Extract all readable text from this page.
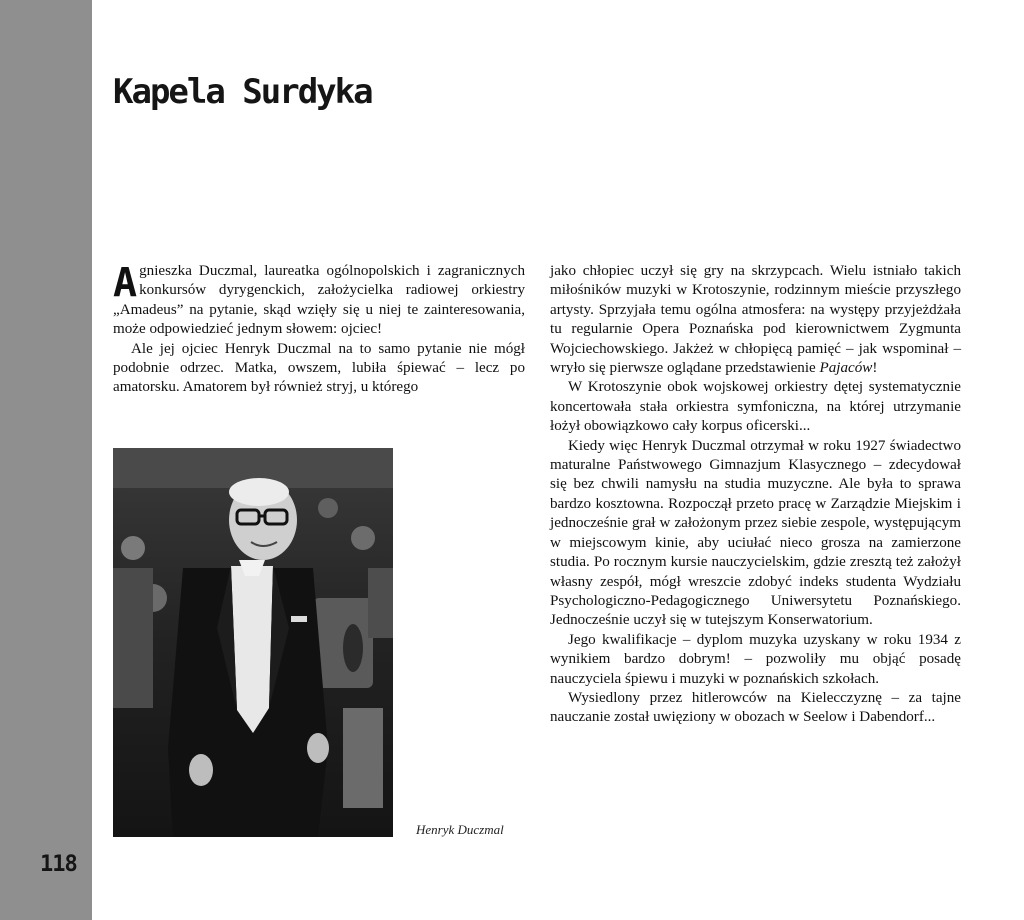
118
Kapela Surdyka

Agnieszka Duczmal, laureatka ogólnopolskich i zagranicznych konkursów dyrygenckich, założycielka radiowej orkiestry „Amadeus” na pytanie, skąd wzięły się u niej te zainteresowania, może odpowiedzieć jednym słowem: ojciec!

Ale jej ojciec Henryk Duczmal na to samo pytanie nie mógł podobnie odrzec. Matka, owszem, lubiła śpiewać – lecz po amatorsku. Amatorem był również stryj, u którego

Henryk Duczmal

jako chłopiec uczył się gry na skrzypcach. Wielu istniało takich miłośników muzyki w Krotoszynie, rodzinnym mieście przyszłego artysty. Sprzyjała temu ogólna atmosfera: na występy przyjeżdżała tu regularnie Opera Poznańska pod kierownictwem Zygmunta Wojciechowskiego. Jakżeż w chłopięcą pamięć – jak wspominał – wryło się pierwsze oglądane przedstawienie Pajaców!

W Krotoszynie obok wojskowej orkiestry dętej systematycznie koncertowała stała orkiestra symfoniczna, na której utrzymanie łożył obowiązkowo cały korpus oficerski...

Kiedy więc Henryk Duczmal otrzymał w roku 1927 świadectwo maturalne Państwowego Gimnazjum Klasycznego – zdecydował się bez chwili namysłu na studia muzyczne. Ale była to sprawa bardzo kosztowna. Rozpoczął przeto pracę w Zarządzie Miejskim i jednocześnie grał w założonym przez siebie zespole, występującym w miejscowym kinie, aby uciułać nieco grosza na zamierzone studia. Po rocznym kursie nauczycielskim, gdzie zresztą też założył własny zespół, mógł wreszcie zdobyć indeks studenta Wydziału Psychologiczno-Pedagogicznego Uniwersytetu Poznańskiego. Jednocześnie uczył się w tutejszym Konserwatorium.

Jego kwalifikacje – dyplom muzyka uzyskany w roku 1934 z wynikiem bardzo dobrym! – pozwoliły mu objąć posadę nauczyciela śpiewu i muzyki w poznańskich szkołach.

Wysiedlony przez hitlerowców na Kielecczyznę – za tajne nauczanie został uwięziony w obozach w Seelow i Dabendorf...
